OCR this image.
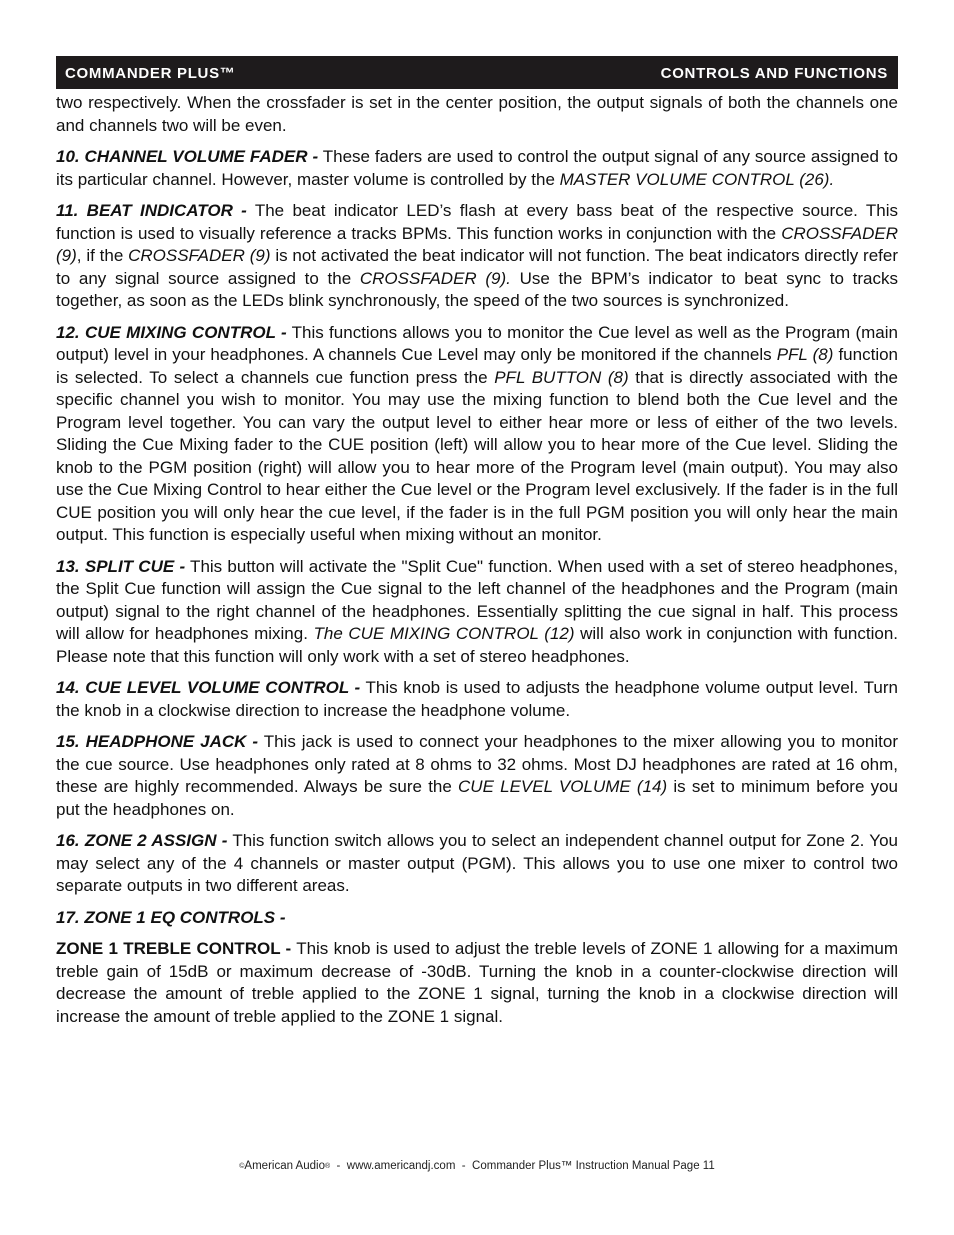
COMMANDER PLUS™	CONTROLS AND FUNCTIONS

two respectively. When the crossfader is set in the center position, the output signals of both the channels one and channels two will be even.

10. CHANNEL VOLUME FADER - These faders are used to control the output signal of any source assigned to its particular channel. However, master volume is controlled by the MASTER VOLUME CONTROL (26).

11. BEAT INDICATOR - The beat indicator LED’s flash at every bass beat of the respective source. This function is used to visually reference a tracks BPMs. This function works in conjunction with the CROSSFADER (9), if the CROSSFADER (9) is not activated the beat indicator will not function. The beat indicators directly refer to any signal source assigned to the CROSSFADER (9). Use the BPM’s indicator to beat sync to tracks together, as soon as the LEDs blink synchronously, the speed of the two sources is synchronized.

12. CUE MIXING CONTROL - This functions allows you to monitor the Cue level as well as the Program (main output) level in your headphones. A channels Cue Level may only be monitored if the channels PFL (8) function is selected. To select a channels cue function press the PFL BUTTON (8) that is directly associated with the specific channel you wish to monitor. You may use the mixing function to blend both the Cue level and the Program level together. You can vary the output level to either hear more or less of either of the two levels. Sliding the Cue Mixing fader to the CUE position (left) will allow you to hear more of the Cue level. Sliding the knob to the PGM position (right) will allow you to hear more of the Program level (main output). You may also use the Cue Mixing Control to hear either the Cue level or the Program level exclusively. If the fader is in the full CUE position you will only hear the cue level, if the fader is in the full PGM position you will only hear the main output. This function is especially useful when mixing without an monitor.

13. SPLIT CUE - This button will activate the "Split Cue" function. When used with a set of stereo headphones, the Split Cue function will assign the Cue signal to the left channel of the headphones and the Program (main output) signal to the right channel of the headphones. Essentially splitting the cue signal in half. This process will allow for headphones mixing. The CUE MIXING CONTROL (12) will also work in conjunction with function. Please note that this function will only work with a set of stereo headphones.

14. CUE LEVEL VOLUME CONTROL - This knob is used to adjusts the headphone volume output level. Turn the knob in a clockwise direction to increase the headphone volume.

15. HEADPHONE JACK - This jack is used to connect your headphones to the mixer allowing you to monitor the cue source. Use headphones only rated at 8 ohms to 32 ohms. Most DJ headphones are rated at 16 ohm, these are highly recommended. Always be sure the CUE LEVEL VOLUME (14) is set to minimum before you put the headphones on.

16. ZONE 2 ASSIGN - This function switch allows you to select an independent channel output for Zone 2. You may select any of the 4 channels or master output (PGM). This allows you to use one mixer to control two separate outputs in two different areas.

17. ZONE 1 EQ CONTROLS -

ZONE 1 TREBLE CONTROL - This knob is used to adjust the treble levels of ZONE 1 allowing for a maximum treble gain of 15dB or maximum decrease of -30dB. Turning the knob in a counter-clockwise direction will decrease the amount of treble applied to the ZONE 1 signal, turning the knob in a clockwise direction will increase the amount of treble applied to the ZONE 1 signal.

©American Audio®  -  www.americandj.com  -  Commander Plus™ Instruction Manual Page 11
